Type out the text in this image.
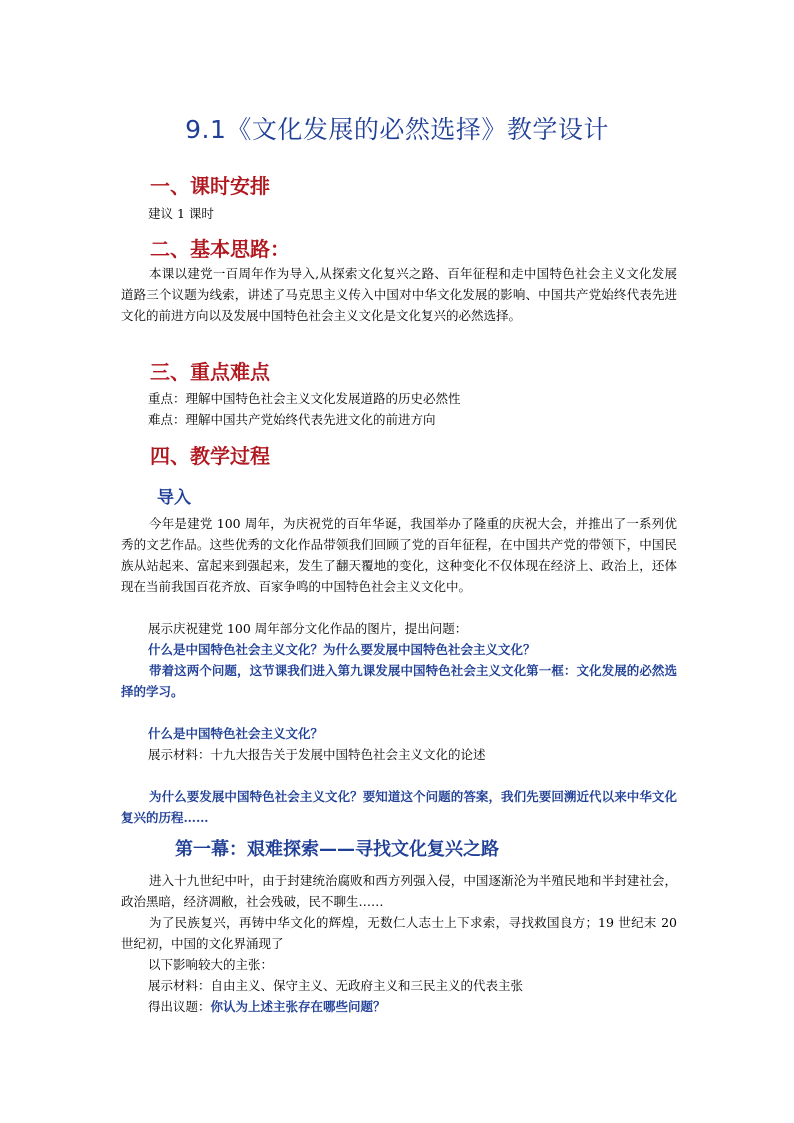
9.1《文化发展的必然选择》教学设计
一、课时安排
建议 1 课时
二、基本思路：

本课以建党一百周年作为导入,从探索文化复兴之路、百年征程和走中国特色社会主义文化发展道路三个议题为线索，讲述了马克思主义传入中国对中华文化发展的影响、中国共产党始终代表先进文化的前进方向以及发展中国特色社会主义文化是文化复兴的必然选择。

三、重点难点
重点：理解中国特色社会主义文化发展道路的历史必然性
难点：理解中国共产党始终代表先进文化的前进方向
四、教学过程
导入

今年是建党 100 周年，为庆祝党的百年华诞，我国举办了隆重的庆祝大会，并推出了一系列优秀的文艺作品。这些优秀的文化作品带领我们回顾了党的百年征程，在中国共产党的带领下，中国民族从站起来、富起来到强起来，发生了翻天覆地的变化，这种变化不仅体现在经济上、政治上，还体现在当前我国百花齐放、百家争鸣的中国特色社会主义文化中。

展示庆祝建党 100 周年部分文化作品的图片，提出问题：
什么是中国特色社会主义文化？为什么要发展中国特色社会主义文化？

带着这两个问题，这节课我们进入第九课发展中国特色社会主义文化第一框：文化发展的必然选择的学习。

什么是中国特色社会主义文化？
展示材料：十九大报告关于发展中国特色社会主义文化的论述

为什么要发展中国特色社会主义文化？要知道这个问题的答案，我们先要回溯近代以来中华文化复兴的历程……

第一幕：艰难探索——寻找文化复兴之路

进入十九世纪中叶，由于封建统治腐败和西方列强入侵，中国逐渐沦为半殖民地和半封建社会，政治黑暗，经济凋敝，社会残破，民不聊生……

为了民族复兴，再铸中华文化的辉煌，无数仁人志士上下求索，寻找救国良方；19 世纪末 20 世纪初，中国的文化界涌现了

以下影响较大的主张：
展示材料：自由主义、保守主义、无政府主义和三民主义的代表主张
得出议题：你认为上述主张存在哪些问题？
